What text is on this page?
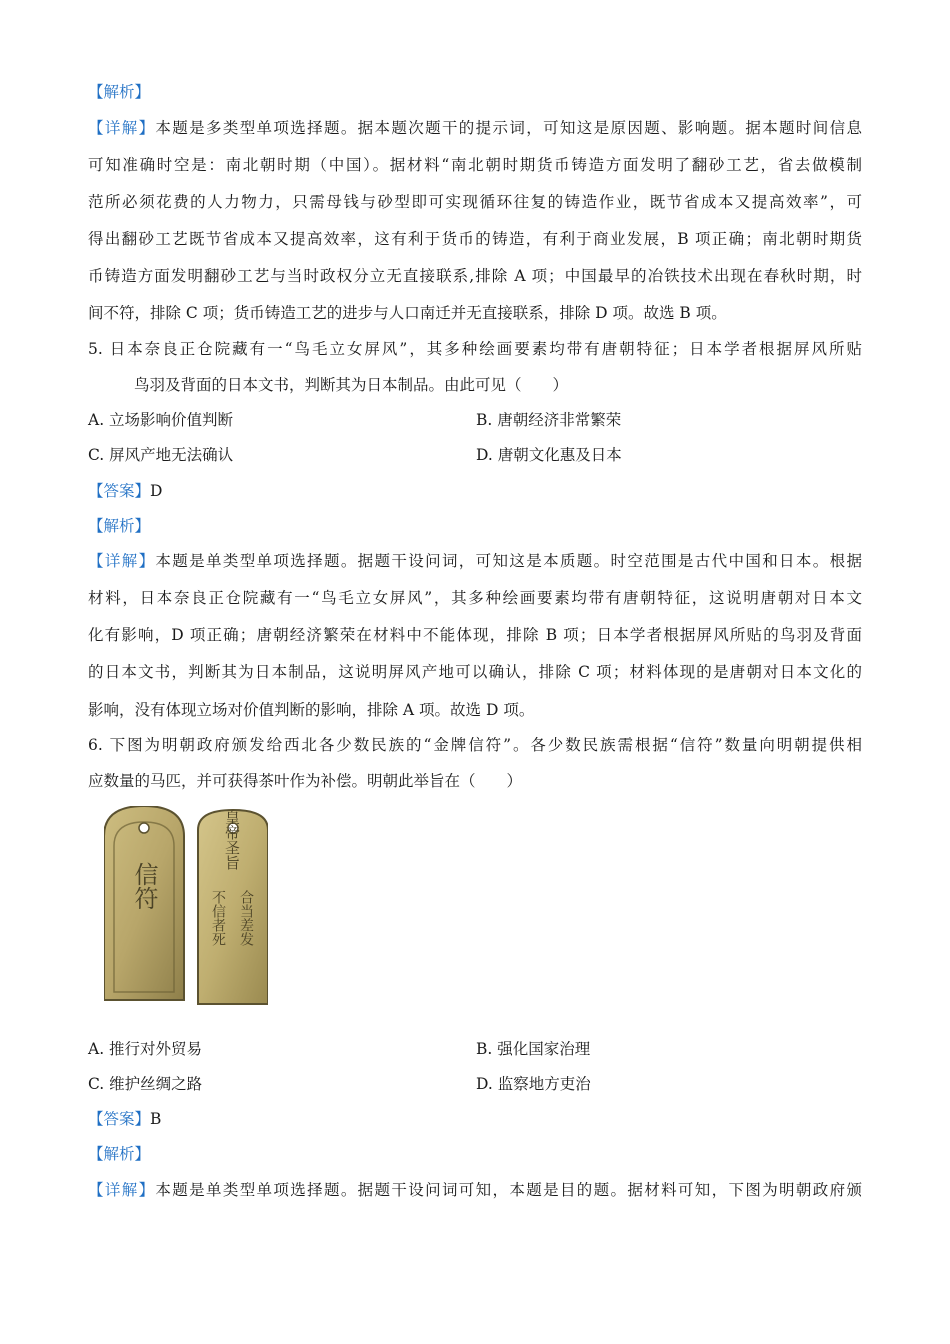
【解析】
【详解】本题是多类型单项选择题。据本题次题干的提示词，可知这是原因题、影响题。据本题时间信息
可知准确时空是：南北朝时期（中国）。据材料“南北朝时期货币铸造方面发明了翻砂工艺，省去做模制
范所必须花费的人力物力，只需母钱与砂型即可实现循环往复的铸造作业，既节省成本又提高效率”，可
得出翻砂工艺既节省成本又提高效率，这有利于货币的铸造，有利于商业发展，B 项正确；南北朝时期货
币铸造方面发明翻砂工艺与当时政权分立无直接联系,排除 A 项；中国最早的冶铁技术出现在春秋时期，时
间不符，排除 C 项；货币铸造工艺的进步与人口南迁并无直接联系，排除 D 项。故选 B 项。
5. 日本奈良正仓院藏有一“鸟毛立女屏风”，其多种绘画要素均带有唐朝特征；日本学者根据屏风所贴
鸟羽及背面的日本文书，判断其为日本制品。由此可见（　　）
A. 立场影响价值判断	B. 唐朝经济非常繁荣
C. 屏风产地无法确认	D. 唐朝文化惠及日本
【答案】D
【解析】
【详解】本题是单类型单项选择题。据题干设问词，可知这是本质题。时空范围是古代中国和日本。根据
材料，日本奈良正仓院藏有一“鸟毛立女屏风”，其多种绘画要素均带有唐朝特征，这说明唐朝对日本文
化有影响，D 项正确；唐朝经济繁荣在材料中不能体现，排除 B 项；日本学者根据屏风所贴的鸟羽及背面
的日本文书，判断其为日本制品，这说明屏风产地可以确认，排除 C 项；材料体现的是唐朝对日本文化的
影响，没有体现立场对价值判断的影响，排除 A 项。故选 D 项。
6. 下图为明朝政府颁发给西北各少数民族的“金牌信符”。各少数民族需根据“信符”数量向明朝提供相
应数量的马匹，并可获得茶叶作为补偿。明朝此举旨在（　　）
信符
皇帝圣旨
合当差发
不信者死
A. 推行对外贸易	B. 强化国家治理
C. 维护丝绸之路	D. 监察地方吏治
【答案】B
【解析】
【详解】本题是单类型单项选择题。据题干设问词可知，本题是目的题。据材料可知，下图为明朝政府颁
